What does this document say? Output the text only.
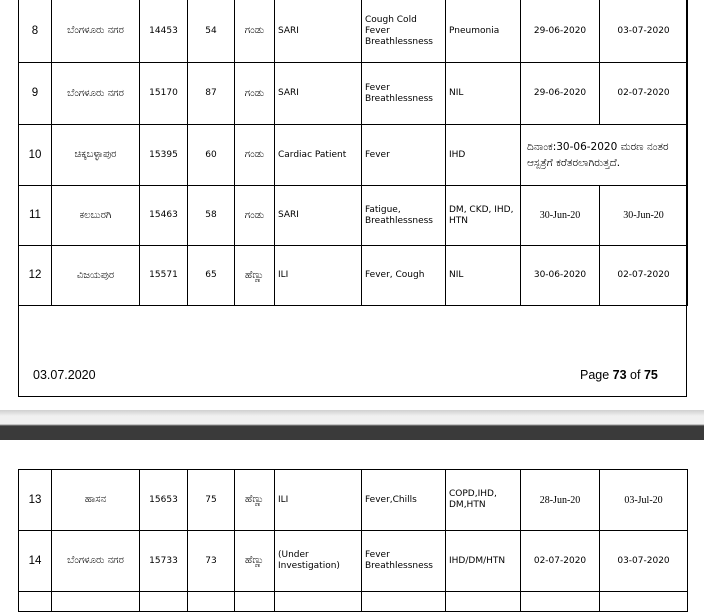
8	ಬೆಂಗಳೂರು ನಗರ	14453	54	ಗಂಡು	SARI	Cough Cold Fever Breathlessness	Pneumonia	29-06-2020	03-07-2020
9	ಬೆಂಗಳೂರು ನಗರ	15170	87	ಗಂಡು	SARI	Fever Breathlessness	NIL	29-06-2020	02-07-2020
10	ಚಿಕ್ಕಬಳ್ಳಾಪುರ	15395	60	ಗಂಡು	Cardiac Patient	Fever	IHD	ದಿನಾಂಕ:30-06-2020 ಮರಣ ನಂತರ ಆಸ್ಪತ್ರೆಗೆ ಕರೆತರಲಾಗಿರುತ್ತದೆ.	
11	ಕಲಬುರಗಿ	15463	58	ಗಂಡು	SARI	Fatigue, Breathlessness	DM, CKD, IHD, HTN	30-Jun-20	30-Jun-20
12	ವಿಜಯಪುರ	15571	65	ಹೆಣ್ಣು	ILI	Fever, Cough	NIL	30-06-2020	02-07-2020
03.07.2020	Page 73 of 75
13	ಹಾಸನ	15653	75	ಹೆಣ್ಣು	ILI	Fever,Chills	COPD,IHD, DM,HTN	28-Jun-20	03-Jul-20
14	ಬೆಂಗಳೂರು ನಗರ	15733	73	ಹೆಣ್ಣು	(Under Investigation)	Fever Breathlessness	IHD/DM/HTN	02-07-2020	03-07-2020
